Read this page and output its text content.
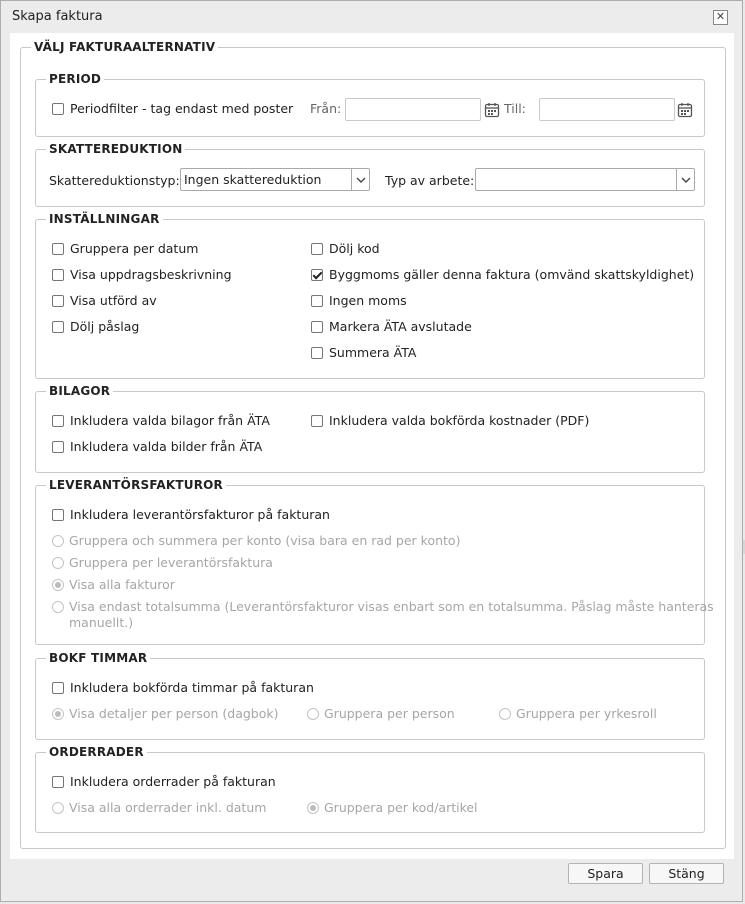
Skapa faktura	✕
VÄLJ FAKTURAALTERNATIV
PERIOD
Periodfilter - tag endast med poster Från:	Till:
SKATTEREDUKTION
Skattereduktionstyp: Ingen skattereduktion	Typ av arbete:
INSTÄLLNINGAR
Gruppera per datum
Visa uppdragsbeskrivning
Visa utförd av
Dölj påslag
Dölj kod
Byggmoms gäller denna faktura (omvänd skattskyldighet)
Ingen moms
Markera ÄTA avslutade
Summera ÄTA
BILAGOR
Inkludera valda bilagor från ÄTA	Inkludera valda bokförda kostnader (PDF)
Inkludera valda bilder från ÄTA
LEVERANTÖRSFAKTUROR
Inkludera leverantörsfakturor på fakturan
Gruppera och summera per konto (visa bara en rad per konto)
Gruppera per leverantörsfaktura
Visa alla fakturor
Visa endast totalsumma (Leverantörsfakturor visas enbart som en totalsumma. Påslag måste hanteras
manuellt.)
BOKF TIMMAR
Inkludera bokförda timmar på fakturan
Visa detaljer per person (dagbok)	Gruppera per person	Gruppera per yrkesroll
ORDERRADER
Inkludera orderrader på fakturan
Visa alla orderrader inkl. datum	Gruppera per kod/artikel
Spara	Stäng
